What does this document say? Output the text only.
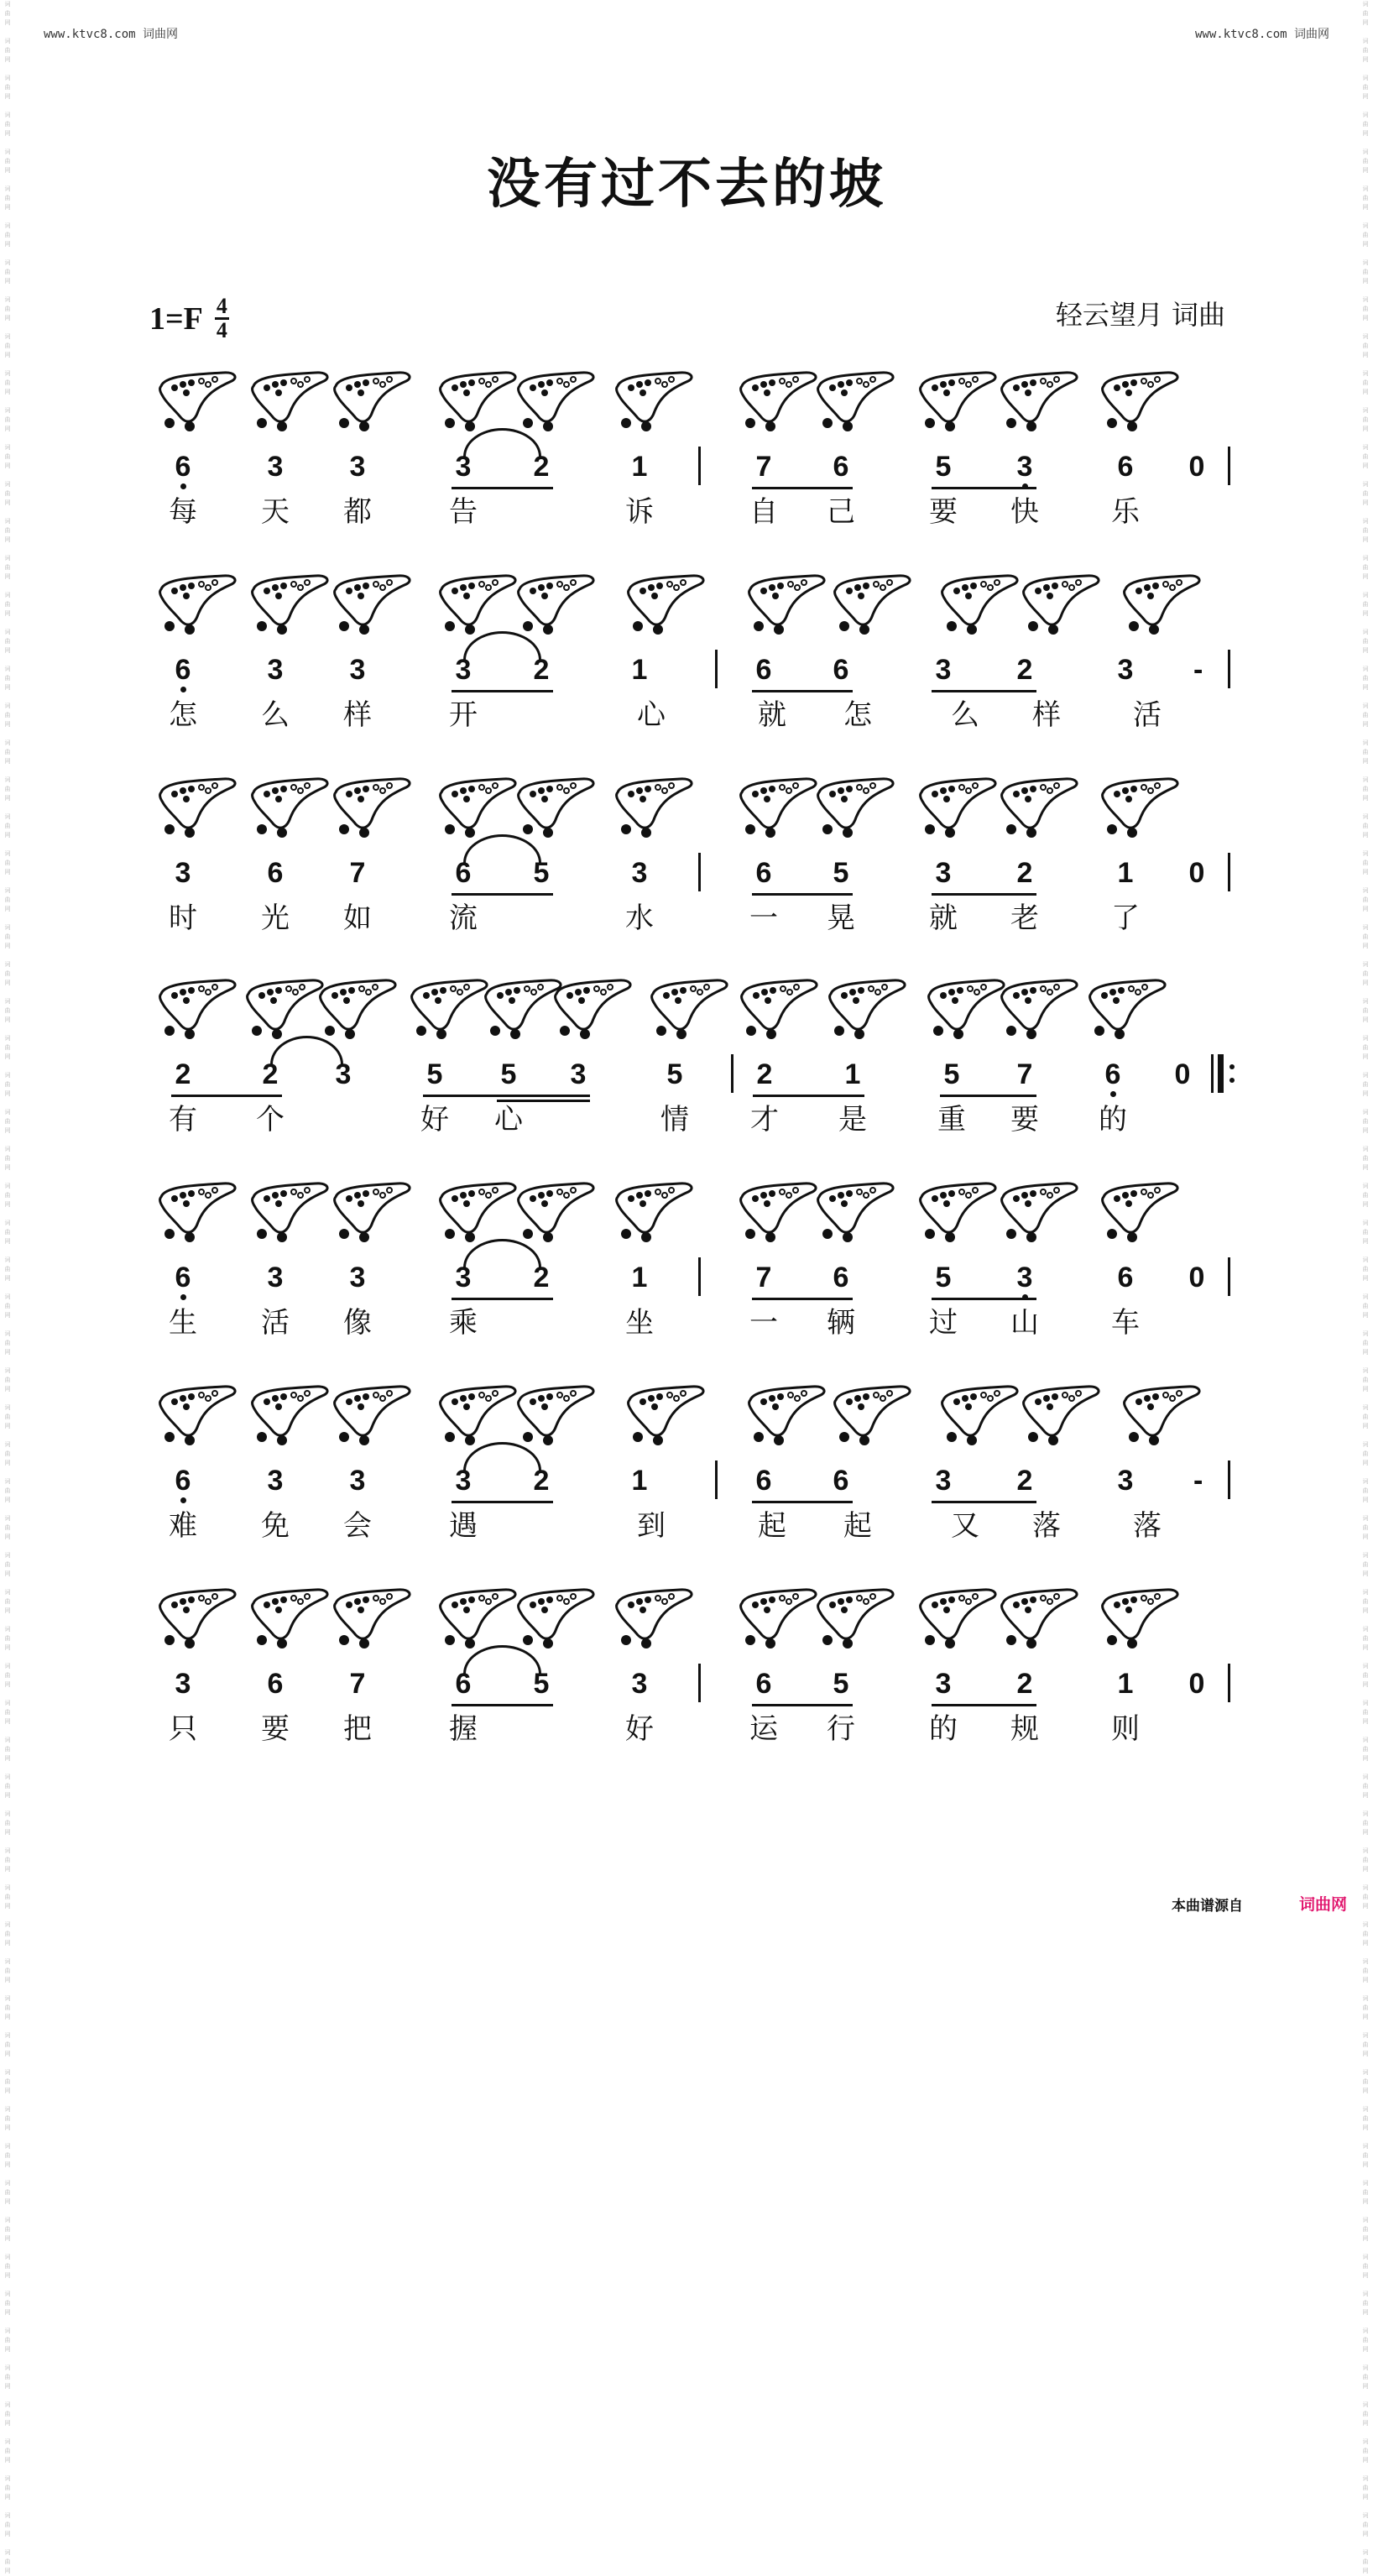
www.ktvc8.com 词曲网	www.ktvc8.com 词曲网
词
曲
网

词
曲
网

词
曲
网

词
曲
网

词
曲
网

词
曲
网

词
曲
网

词
曲
网

词
曲
网

词
曲
网

词
曲
网

词
曲
网

词
曲
网

词
曲
网

词
曲
网

词
曲
网

词
曲
网

词
曲
网

词
曲
网

词
曲
网

词
曲
网

词
曲
网

词
曲
网

词
曲
网

词
曲
网

词
曲
网

词
曲
网

词
曲
网

词
曲
网

词
曲
网

词
曲
网

词
曲
网

词
曲
网

词
曲
网

词
曲
网

词
曲
网

词
曲
网

词
曲
网

词
曲
网

词
曲
网

词
曲
网

词
曲
网

词
曲
网

词
曲
网

词
曲
网

词
曲
网

词
曲
网

词
曲
网

词
曲
网

词
曲
网

词
曲
网

词
曲
网

词
曲
网

词
曲
网

词
曲
网

词
曲
网

词
曲
网

词
曲
网

词
曲
网

词
曲
网

词
曲
网

词
曲
网

词
曲
网

词
曲
网

词
曲
网

词
曲
网

词
曲
网

词
曲
网

词
曲
网

词
曲
网

词
曲
网

词
曲
网

词
曲
网

词
曲
网

词
曲
网

词
曲
网

词
曲
网

词
曲
网

词
曲
网

词
曲
网

词
曲
网

词
曲
网

词
曲
网

词
曲
网

词
曲
网

词
曲
网

词
曲
网

词
曲
网

词
曲
网

词
曲
网

词
曲
网

词
曲
网

词
曲
网

词
曲
网

词
曲
网

词
曲
网

词
曲
网

词
曲
网

词
曲
网

词
曲
网

词
曲
网

词
曲
网

词
曲
网

词
曲
网

词
曲
网

词
曲
网

词
曲
网

词
曲
网

词
曲
网

词
曲
网

词
曲
网

词
曲
网

词
曲
网

词
曲
网

词
曲
网

词
曲
网

词
曲
网

词
曲
网

词
曲
网

词
曲
网

词
曲
网

词
曲
网

词
曲
网

词
曲
网

词
曲
网

词
曲
网

词
曲
网

词
曲
网

词
曲
网

词
曲
网

词
曲
网

词
曲
网

词
曲
网

词
曲
网

词
曲
网

词
曲
网

词
曲
网

词
曲
网

词
曲
网

词
曲
网

没有过不去的坡
$1=F \frac{4}{4}$	轻云望月 词曲
6	3	3	3	2	1	7	6	5	3	6	0
每	天	都	告	诉	自	己	要	快	乐
6	3	3	3	2	1	6	6	3	2	3	-
怎	么	样	开	心	就	怎	么	样	活
3	6	7	6	5	3	6	5	3	2	1	0
时	光	如	流	水	一	晃	就	老	了
2	2	3	5	5	3	5	2	1	5	7	6	0
有	个	好	心	情	才	是	重	要	的
6	3	3	3	2	1	7	6	5	3	6	0
生	活	像	乘	坐	一	辆	过	山	车
6	3	3	3	2	1	6	6	3	2	3	-
难	免	会	遇	到	起	起	又	落	落
3	6	7	6	5	3	6	5	3	2	1	0
只	要	把	握	好	运	行	的	规	则
本曲谱源自	词曲网
